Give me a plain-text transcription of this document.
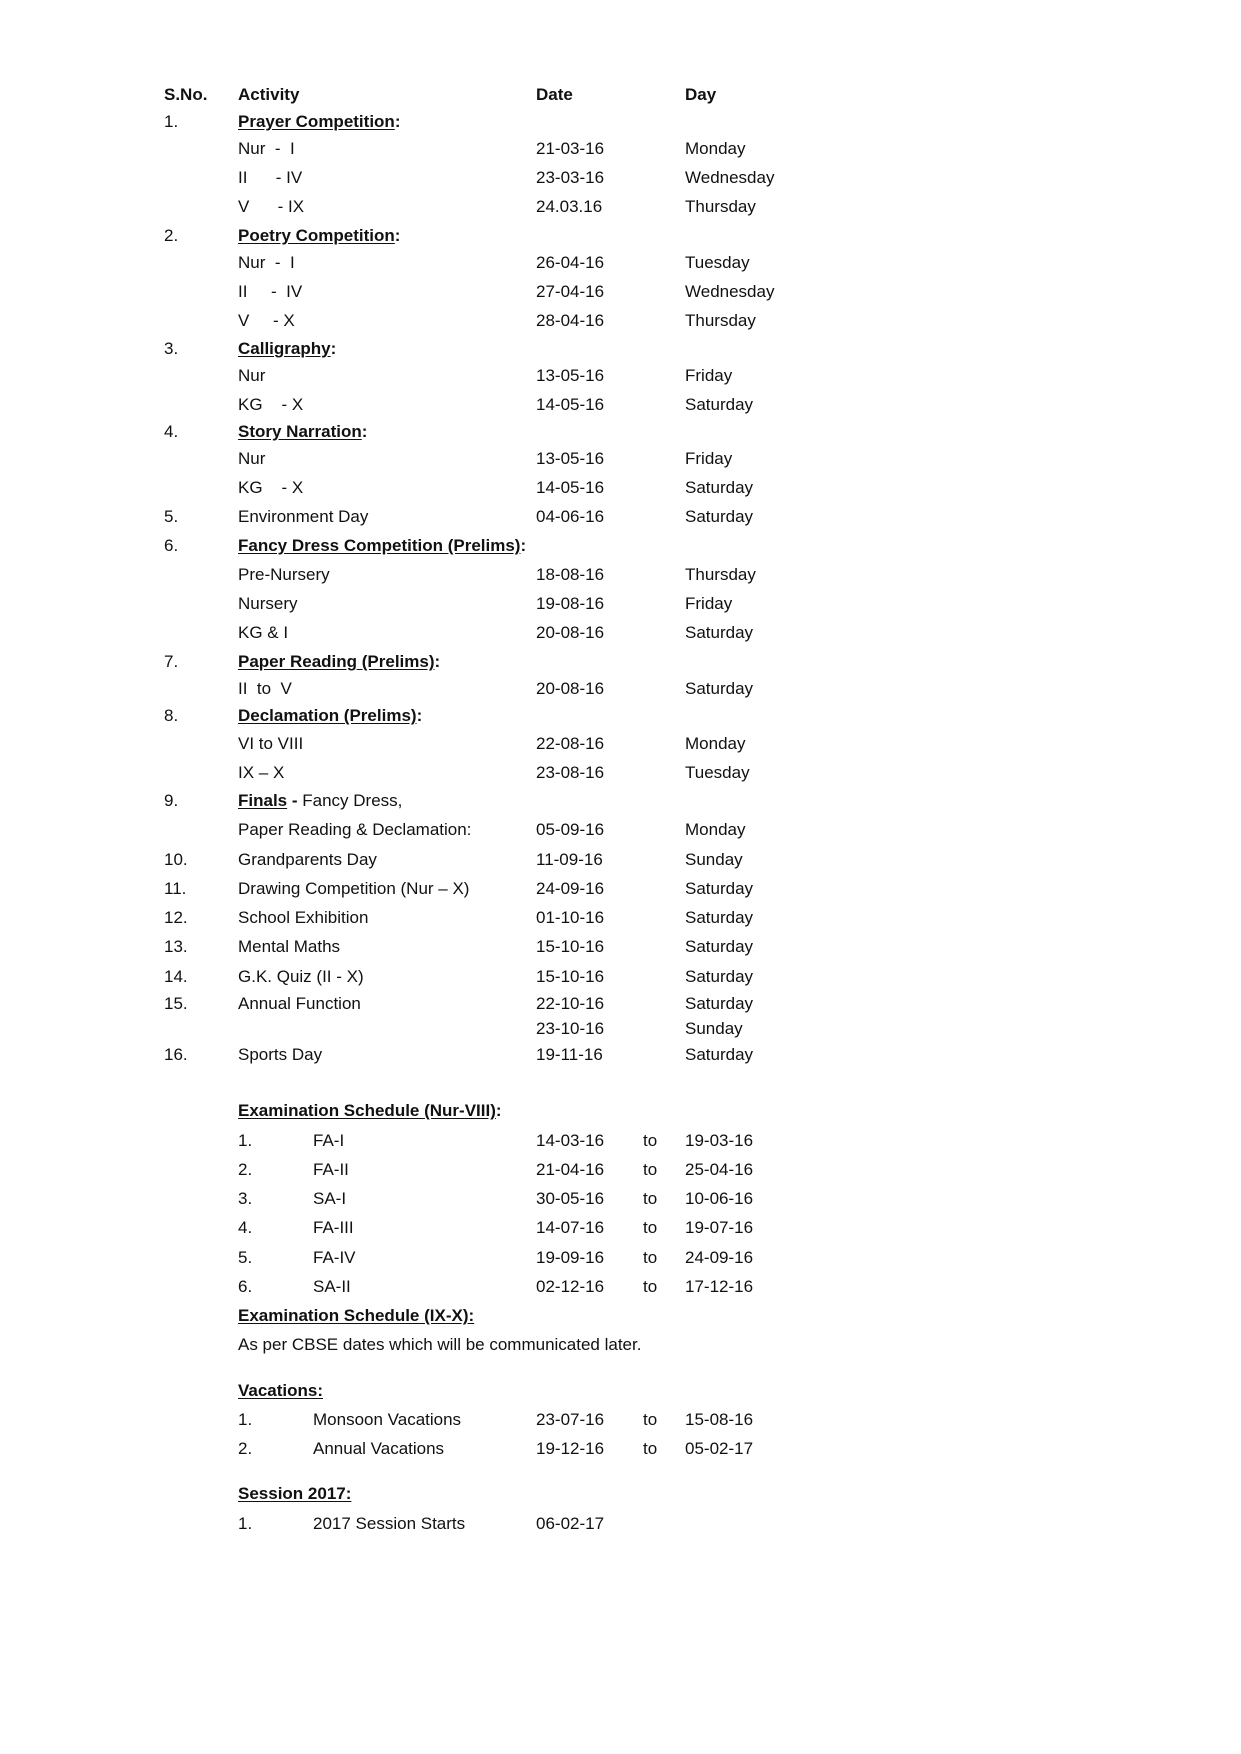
S.No. Activity	Date	Day
1.	Prayer Competition:
Nur  -  I	21-03-16	Monday
II      - IV	23-03-16	Wednesday
V      - IX	24.03.16	Thursday
2.	Poetry Competition:
Nur  -  I	26-04-16	Tuesday
II     -  IV	27-04-16	Wednesday
V     - X	28-04-16	Thursday
3.	Calligraphy:
Nur	13-05-16	Friday
KG    - X	14-05-16	Saturday
4.	Story Narration:
Nur	13-05-16	Friday
KG    - X	14-05-16	Saturday
5.	Environment Day	04-06-16	Saturday
6.	Fancy Dress Competition (Prelims):
Pre-Nursery	18-08-16	Thursday
Nursery	19-08-16	Friday
KG & I	20-08-16	Saturday
7.	Paper Reading (Prelims):
II  to  V	20-08-16	Saturday
8.	Declamation (Prelims):
VI to VIII	22-08-16	Monday
IX – X	23-08-16	Tuesday
9.	Finals - Fancy Dress,
Paper Reading & Declamation:	05-09-16	Monday
10.	Grandparents Day	11-09-16	Sunday
11.	Drawing Competition (Nur – X)	24-09-16	Saturday
12.	School Exhibition	01-10-16	Saturday
13.	Mental Maths	15-10-16	Saturday
14.	G.K. Quiz (II - X)	15-10-16	Saturday
15.	Annual Function	22-10-16	Saturday
23-10-16	Sunday
16.	Sports Day	19-11-16	Saturday
Examination Schedule (Nur-VIII):
1.	FA-I	14-03-16 to 19-03-16
2.	FA-II	21-04-16 to 25-04-16
3.	SA-I	30-05-16 to 10-06-16
4.	FA-III	14-07-16 to 19-07-16
5.	FA-IV	19-09-16 to 24-09-16
6.	SA-II	02-12-16 to 17-12-16
Examination Schedule (IX-X):
As per CBSE dates which will be communicated later.
Vacations:
1.	Monsoon Vacations	23-07-16 to 15-08-16
2.	Annual Vacations	19-12-16 to 05-02-17
Session 2017:
1.	2017 Session Starts	06-02-17
